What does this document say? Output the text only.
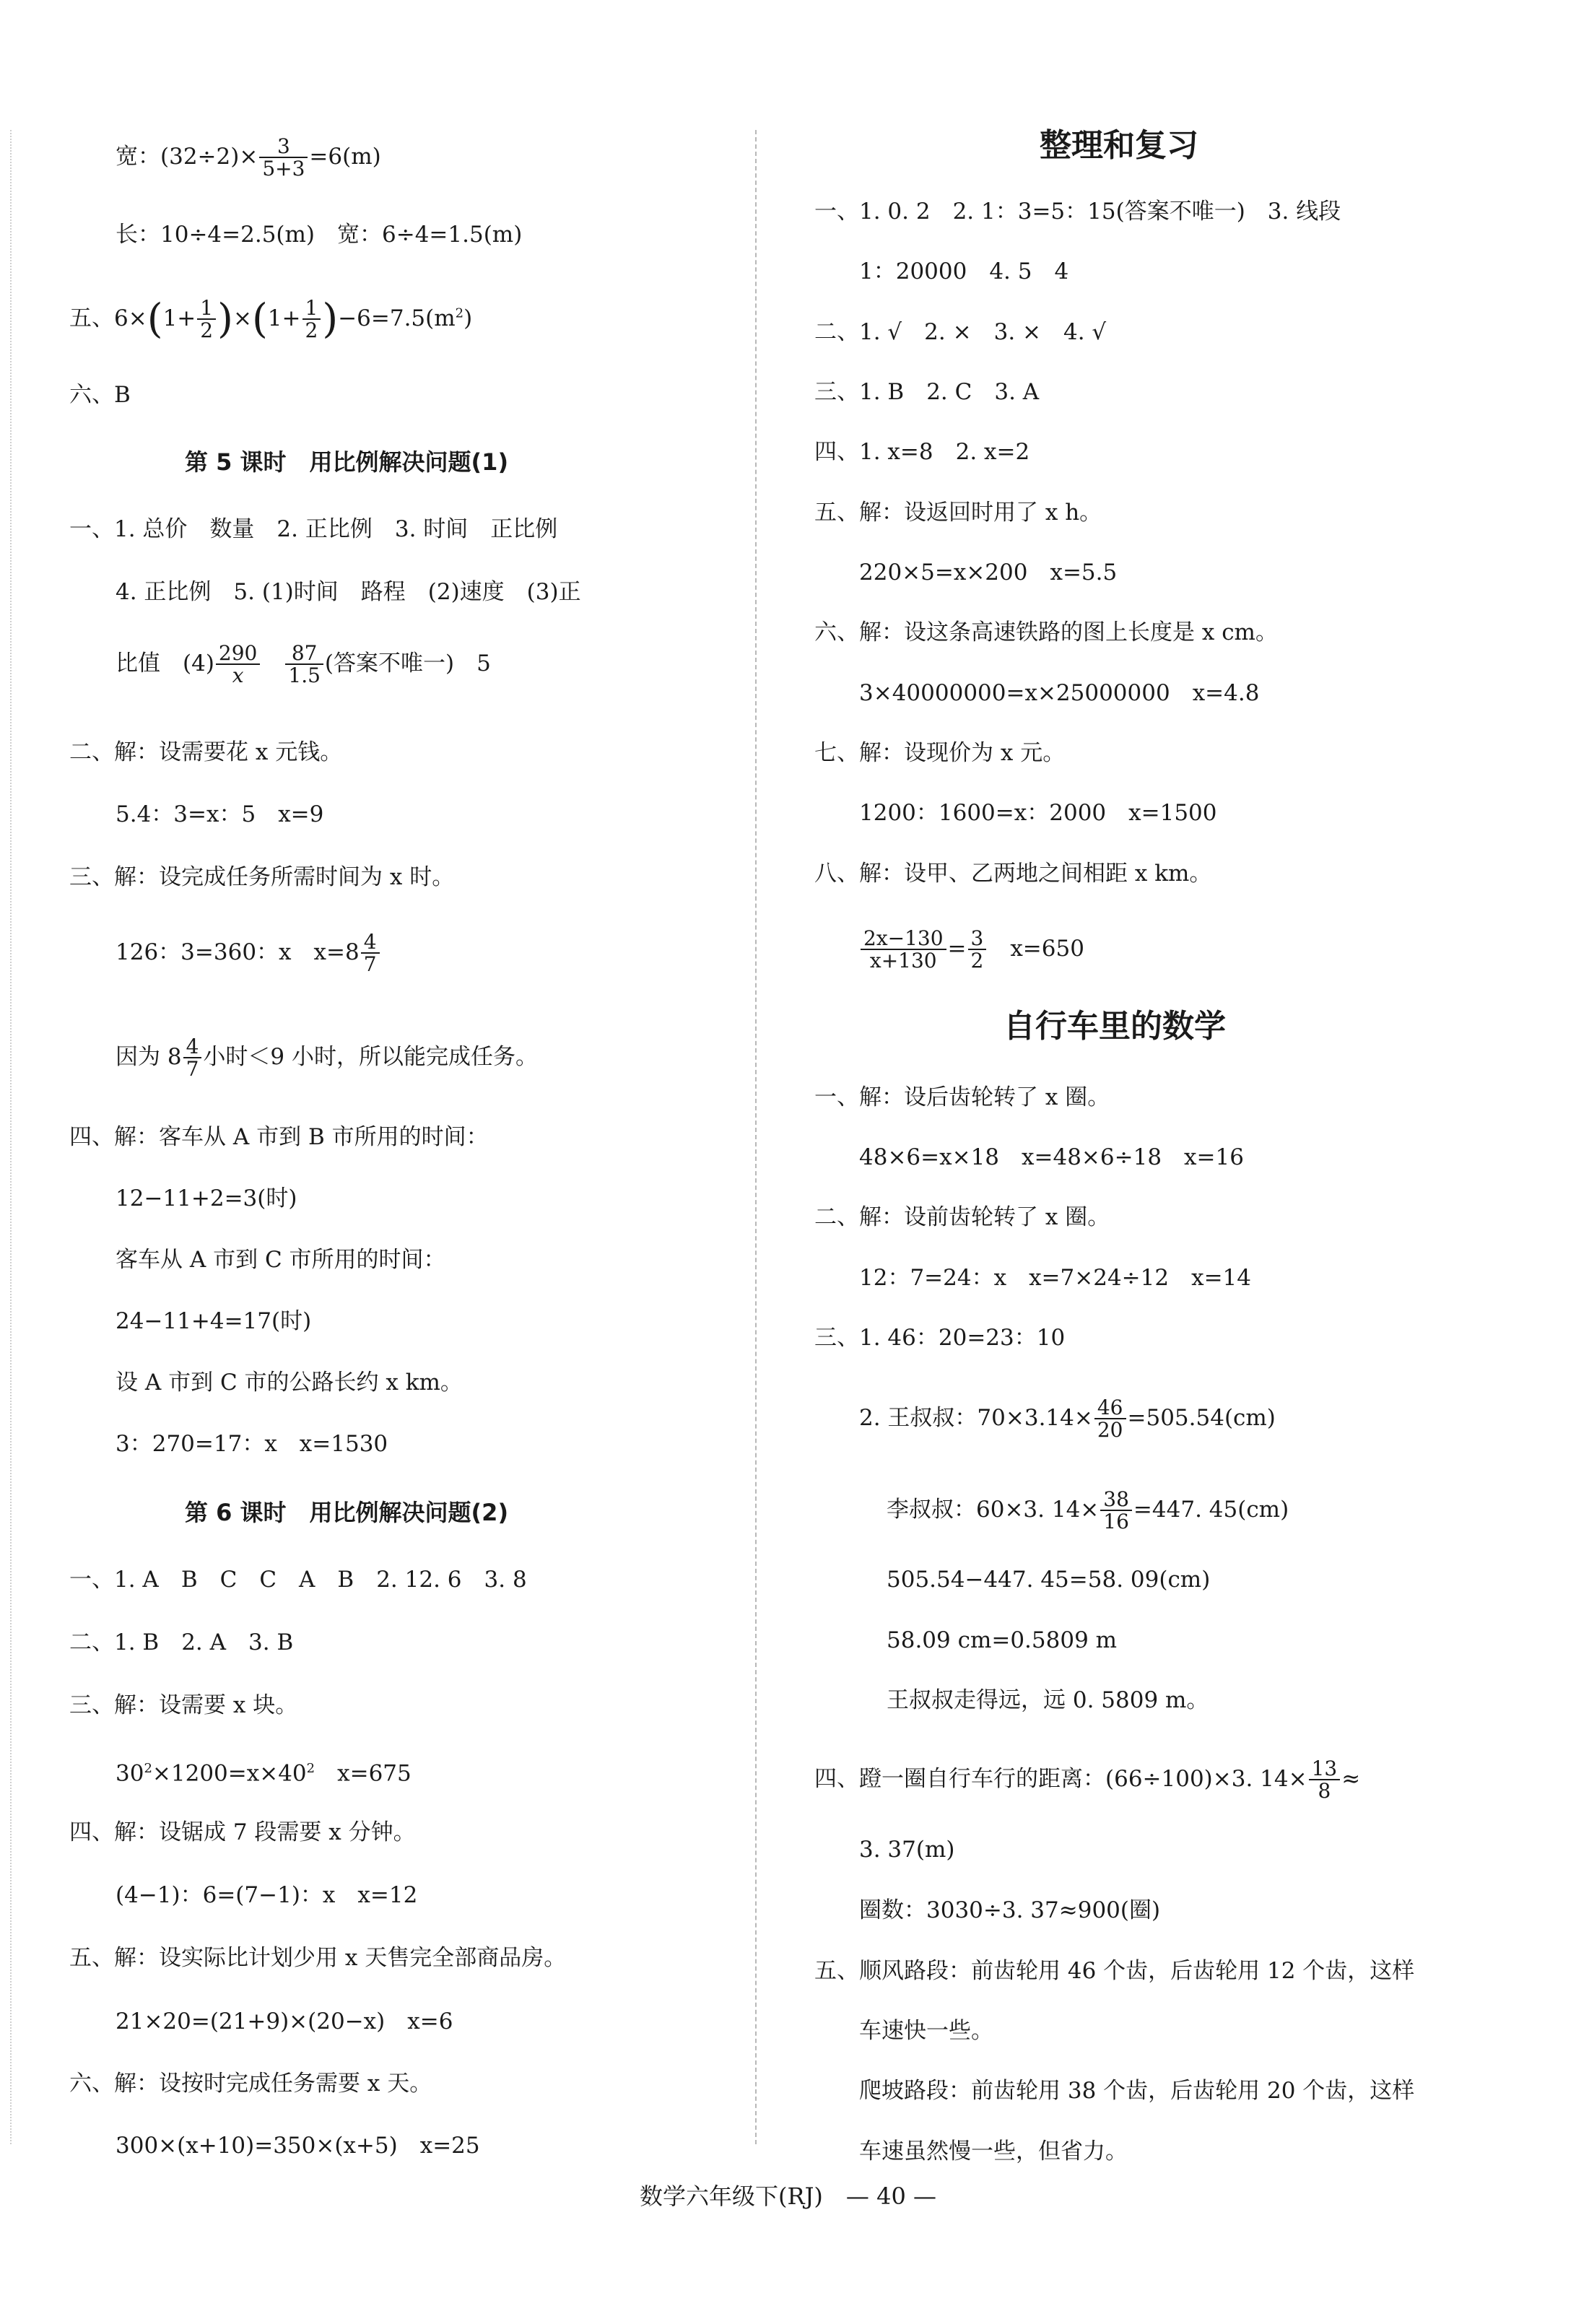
宽：$(32\div 2)\times \frac{3}{5+3} =6(m)$
长：10÷4=2.5(m)　宽：6÷4=1.5(m)
五、$6\times(1+ \frac{1}{2} )\times(1+ \frac{1}{2} )-6=7.5(m^2)$
六、B
第 5 课时　用比例解决问题(1)
一、1. 总价　数量　2. 正比例　3. 时间　正比例
4. 正比例　5. (1)时间　路程　(2)速度　(3)正
比值　$(4) \frac{290}{x}$
　 $\frac{87}{1.5}$ (答案不唯一)　5
二、解：设需要花 x 元钱。
5.4：3=x：5　x=9
三、解：设完成任务所需时间为 x 时。
126：3=360：x　$x=8 \frac{4}{7}$
因为 $8 \frac{4}{7}$ 小时＜9 小时，所以能完成任务。
四、解：客车从 A 市到 B 市所用的时间：
12−11+2=3(时)
客车从 A 市到 C 市所用的时间：
24−11+4=17(时)
设 A 市到 C 市的公路长约 x km。
3：270=17：x　x=1530
第 6 课时　用比例解决问题(2)
一、1. A　B　C　C　A　B　2. 12. 6　3. 8
二、1. B　2. A　3. B
三、解：设需要 x 块。
$30^2\times 1200=x\times 40^2$　x=675
四、解：设锯成 7 段需要 x 分钟。
(4−1)：6=(7−1)：x　x=12
五、解：设实际比计划少用 x 天售完全部商品房。
21×20=(21+9)×(20−x)　x=6
六、解：设按时完成任务需要 x 天。
300×(x+10)=350×(x+5)　x=25
整理和复习
一、1. 0. 2　2. 1：3=5：15(答案不唯一)　3. 线段
1：20000　4. 5　4
二、1. √　2. ×　3. ×　4. √
三、1. B　2. C　3. A
四、1. x=8　2. x=2
五、解：设返回时用了 x h。
220×5=x×200　x=5.5
六、解：设这条高速铁路的图上长度是 x cm。
3×40000000=x×25000000　x=4.8
七、解：设现价为 x 元。
1200：1600=x：2000　x=1500
八、解：设甲、乙两地之间相距 x km。
$\frac{2x-130}{x+130} = \frac{3}{2}$ 　x=650
自行车里的数学
一、解：设后齿轮转了 x 圈。
48×6=x×18　x=48×6÷18　x=16
二、解：设前齿轮转了 x 圈。
12：7=24：x　x=7×24÷12　x=14
三、1. 46：20=23：10
2. 王叔叔：$70\times 3.14\times \frac{46}{20} =505.54(cm)$
李叔叔：60×3. $14\times \frac{38}{16} =447$. 45(cm)
505.54−447. 45=58. 09(cm)
58.09 cm=0.5809 m
王叔叔走得远，远 0. 5809 m。
四、蹬一圈自行车行的距离：(66÷100)×3. $14\times \frac{13}{8}$ ≈
3. 37(m)
圈数：3030÷3. 37≈900(圈)
五、顺风路段：前齿轮用 46 个齿，后齿轮用 12 个齿，这样
车速快一些。
爬坡路段：前齿轮用 38 个齿，后齿轮用 20 个齿，这样
车速虽然慢一些，但省力。
数学六年级下(RJ)　— 40 —
